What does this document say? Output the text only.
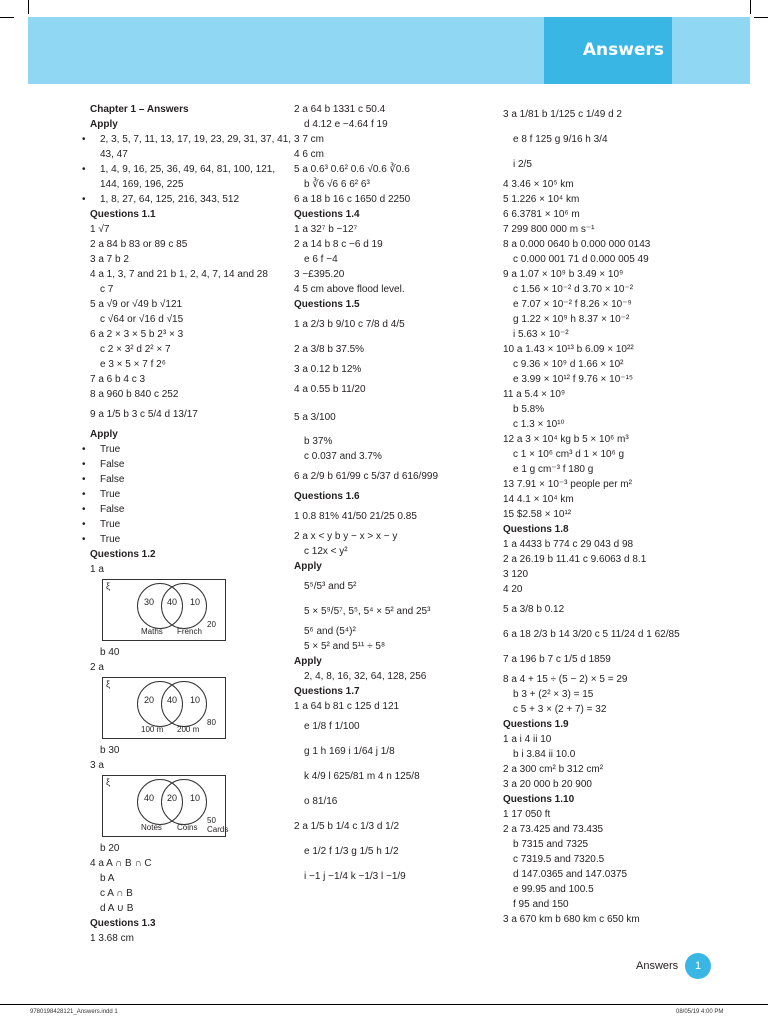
Answers
Chapter 1 – Answers
Apply
• 2, 3, 5, 7, 11, 13, 17, 19, 23, 29, 31, 37, 41,
43, 47
• 1, 4, 9, 16, 25, 36, 49, 64, 81, 100, 121,
144, 169, 196, 225
• 1, 8, 27, 64, 125, 216, 343, 512
Questions 1.1
1 √7
2 a 84 b 83 or 89 c 85
3 a 7 b 2
4 a 1, 3, 7 and 21 b 1, 2, 4, 7, 14 and 28
c 7
5 a √9 or √49 b √121
c √64 or √16 d √15
6 a 2 × 3 × 5 b 2³ × 3
c 2 × 3² d 2² × 7
e 3 × 5 × 7 f 2⁶
7 a 6 b 4 c 3
8 a 960 b 840 c 252
9 a 1/5 b 3 c 5/4 d 13/17
Apply
• True
• False
• False
• True
• False
• True
• True
Questions 1.2
1 a
ξ
30 40 10
20
Maths French
b 40
2 a
ξ
20 40 10
80
100 m 200 m
b 30
3 a
ξ
40 20 10
50 Cards
Notes Coins
b 20
4 a A ∩ B ∩ C
b A
c A ∩ B
d A ∪ B
Questions 1.3
1 3.68 cm
2 a 64 b 1331 c 50.4
d 4.12 e −4.64 f 19
3 7 cm
4 6 cm
5 a 0.6³ 0.6² 0.6 √0.6 ∛0.6
b ∛6 √6 6 6² 6³
6 a 18 b 16 c 1650 d 2250
Questions 1.4
1 a 32⁷ b −12⁷
2 a 14 b 8 c −6 d 19
e 6 f −4
3 −£395.20
4 5 cm above flood level.
Questions 1.5
1 a 2/3 b 9/10 c 7/8 d 4/5
2 a 3/8 b 37.5%
3 a 0.12 b 12%
4 a 0.55 b 11/20
5 a 3/100
b 37%
c 0.037 and 3.7%
6 a 2/9 b 61/99 c 5/37 d 616/999
Questions 1.6
1 0.8 81% 41/50 21/25 0.85
2 a x < y b y − x > x − y
c 12x < y²
Apply
5⁵/5³ and 5²
5 × 5⁹/5⁷, 5⁵, 5⁴ × 5² and 25³
5⁶ and (5⁴)²
5 × 5² and 5¹¹ ÷ 5⁸
Apply
2, 4, 8, 16, 32, 64, 128, 256
Questions 1.7
1 a 64 b 81 c 125 d 121
e 1/8 f 1/100
g 1 h 169 i 1/64 j 1/8
k 4/9 l 625/81 m 4 n 125/8
o 81/16
2 a 1/5 b 1/4 c 1/3 d 1/2
e 1/2 f 1/3 g 1/5 h 1/2
i −1 j −1/4 k −1/3 l −1/9
3 a 1/81 b 1/125 c 1/49 d 2
e 8 f 125 g 9/16 h 3/4
i 2/5
4 3.46 × 10⁵ km
5 1.226 × 10⁴ km
6 6.3781 × 10⁶ m
7 299 800 000 m s⁻¹
8 a 0.000 0640 b 0.000 000 0143
c 0.000 001 71 d 0.000 005 49
9 a 1.07 × 10⁹ b 3.49 × 10⁹
c 1.56 × 10⁻² d 3.70 × 10⁻²
e 7.07 × 10⁻² f 8.26 × 10⁻⁹
g 1.22 × 10⁹ h 8.37 × 10⁻²
i 5.63 × 10⁻²
10 a 1.43 × 10¹³ b 6.09 × 10²²
c 9.36 × 10⁹ d 1.66 × 10²
e 3.99 × 10¹² f 9.76 × 10⁻¹⁵
11 a 5.4 × 10⁹
b 5.8%
c 1.3 × 10¹⁰
12 a 3 × 10⁴ kg b 5 × 10⁶ m³
c 1 × 10⁶ cm³ d 1 × 10⁶ g
e 1 g cm⁻³ f 180 g
13 7.91 × 10⁻³ people per m²
14 4.1 × 10⁴ km
15 $2.58 × 10¹²
Questions 1.8
1 a 4433 b 774 c 29 043 d 98
2 a 26.19 b 11.41 c 9.6063 d 8.1
3 120
4 20
5 a 3/8 b 0.12
6 a 18 2/3 b 14 3/20 c 5 11/24 d 1 62/85
7 a 196 b 7 c 1/5 d 1859
8 a 4 + 15 ÷ (5 − 2) × 5 = 29
b 3 + (2² × 3) = 15
c 5 + 3 × (2 + 7) = 32
Questions 1.9
1 a i 4 ii 10
b i 3.84 ii 10.0
2 a 300 cm² b 312 cm²
3 a 20 000 b 20 900
Questions 1.10
1 17 050 ft
2 a 73.425 and 73.435
b 7315 and 7325
c 7319.5 and 7320.5
d 147.0365 and 147.0375
e 99.95 and 100.5
f 95 and 150
3 a 670 km b 680 km c 650 km
Answers	1
9780198428121_Answers.indd 1	08/05/19 4:00 PM
